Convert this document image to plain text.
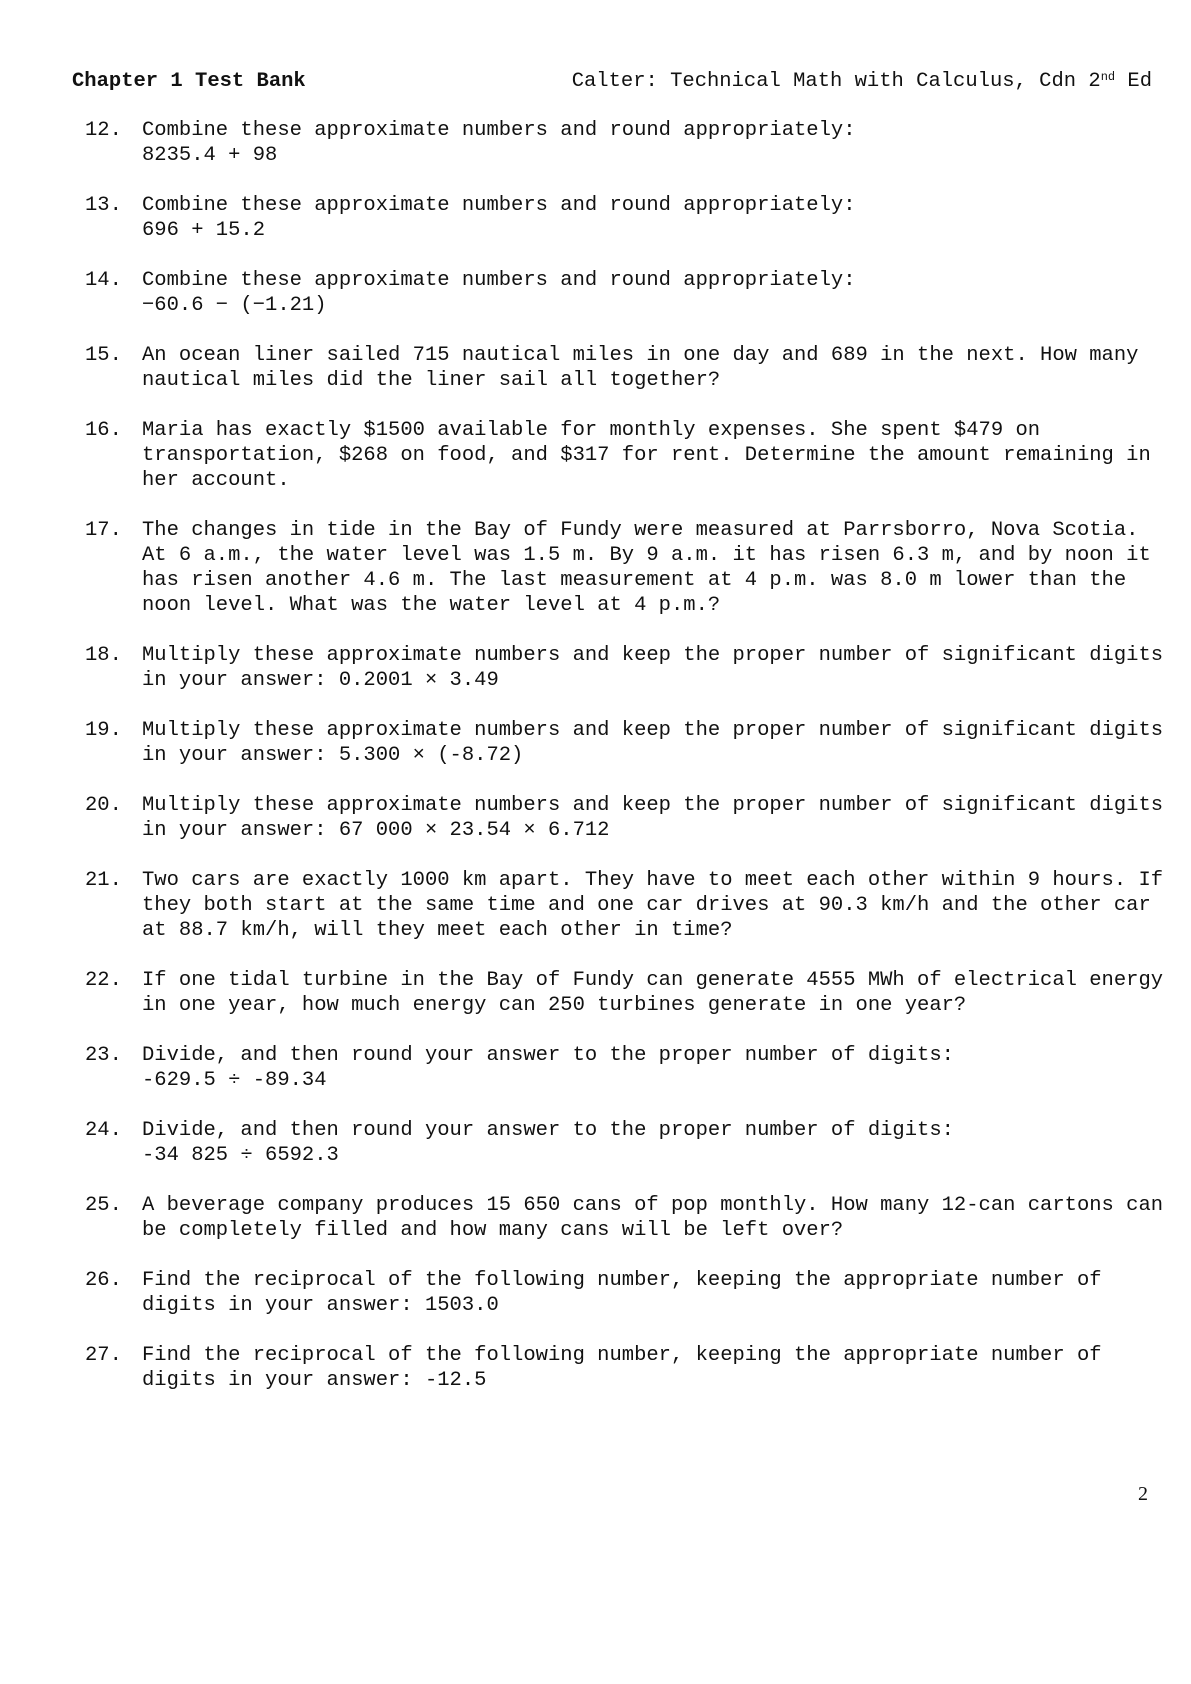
Chapter 1 Test Bank	Calter: Technical Math with Calculus, Cdn 2nd Ed
12. Combine these approximate numbers and round appropriately:
8235.4 + 98
13. Combine these approximate numbers and round appropriately:
696 + 15.2
14. Combine these approximate numbers and round appropriately:
−60.6 − (−1.21)
15. An ocean liner sailed 715 nautical miles in one day and 689 in the next. How many nautical miles did the liner sail all together?
16. Maria has exactly $1500 available for monthly expenses. She spent $479 on transportation, $268 on food, and $317 for rent. Determine the amount remaining in her account.
17. The changes in tide in the Bay of Fundy were measured at Parrsborro, Nova Scotia. At 6 a.m., the water level was 1.5 m. By 9 a.m. it has risen 6.3 m, and by noon it has risen another 4.6 m. The last measurement at 4 p.m. was 8.0 m lower than the noon level. What was the water level at 4 p.m.?
18. Multiply these approximate numbers and keep the proper number of significant digits in your answer: 0.2001 × 3.49
19. Multiply these approximate numbers and keep the proper number of significant digits in your answer: 5.300 × (-8.72)
20. Multiply these approximate numbers and keep the proper number of significant digits in your answer: 67 000 × 23.54 × 6.712
21. Two cars are exactly 1000 km apart. They have to meet each other within 9 hours. If they both start at the same time and one car drives at 90.3 km/h and the other car at 88.7 km/h, will they meet each other in time?
22. If one tidal turbine in the Bay of Fundy can generate 4555 MWh of electrical energy in one year, how much energy can 250 turbines generate in one year?
23. Divide, and then round your answer to the proper number of digits:
-629.5 ÷ -89.34
24. Divide, and then round your answer to the proper number of digits:
-34 825 ÷ 6592.3
25. A beverage company produces 15 650 cans of pop monthly. How many 12-can cartons can be completely filled and how many cans will be left over?
26. Find the reciprocal of the following number, keeping the appropriate number of digits in your answer: 1503.0
27. Find the reciprocal of the following number, keeping the appropriate number of digits in your answer: -12.5
2
